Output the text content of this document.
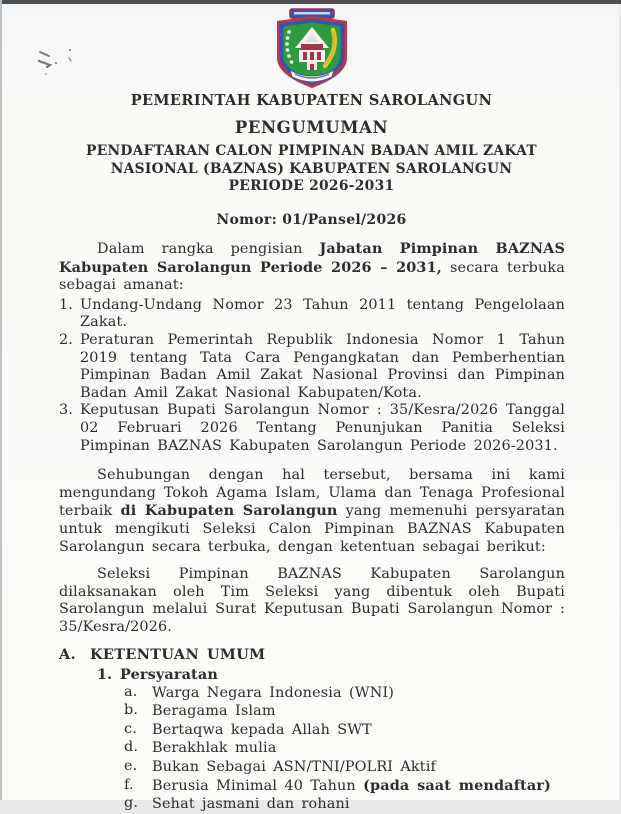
PEMERINTAH KABUPATEN SAROLANGUN
PENGUMUMAN
PENDAFTARAN CALON PIMPINAN BADAN AMIL ZAKAT
NASIONAL (BAZNAS) KABUPATEN SAROLANGUN
PERIODE 2026-2031
Nomor: 01/Pansel/2026

Dalam rangka pengisian Jabatan Pimpinan BAZNAS Kabupaten Sarolangun Periode 2026 – 2031, secara terbuka sebagai amanat:

1. Undang-Undang Nomor 23 Tahun 2011 tentang Pengelolaan Zakat.

2. Peraturan Pemerintah Republik Indonesia Nomor 1 Tahun 2019 tentang Tata Cara Pengangkatan dan Pemberhentian Pimpinan Badan Amil Zakat Nasional Provinsi dan Pimpinan Badan Amil Zakat Nasional Kabupaten/Kota.

3. Keputusan Bupati Sarolangun Nomor : 35/Kesra/2026 Tanggal 02 Februari 2026 Tentang Penunjukan Panitia Seleksi Pimpinan BAZNAS Kabupaten Sarolangun Periode 2026-2031.

Sehubungan dengan hal tersebut, bersama ini kami mengundang Tokoh Agama Islam, Ulama dan Tenaga Profesional terbaik di Kabupaten Sarolangun yang memenuhi persyaratan untuk mengikuti Seleksi Calon Pimpinan BAZNAS Kabupaten Sarolangun secara terbuka, dengan ketentuan sebagai berikut:

Seleksi Pimpinan BAZNAS Kabupaten Sarolangun dilaksanakan oleh Tim Seleksi yang dibentuk oleh Bupati Sarolangun melalui Surat Keputusan Bupati Sarolangun Nomor : 35/Kesra/2026.

A. KETENTUAN UMUM
1. Persyaratan
a.	Warga Negara Indonesia (WNI)
b. Beragama Islam
c.	Bertaqwa kepada Allah SWT
d. Berakhlak mulia
e.	Bukan Sebagai ASN/TNI/POLRI Aktif
f.	Berusia Minimal 40 Tahun (pada saat mendaftar)
g. Sehat jasmani dan rohani
